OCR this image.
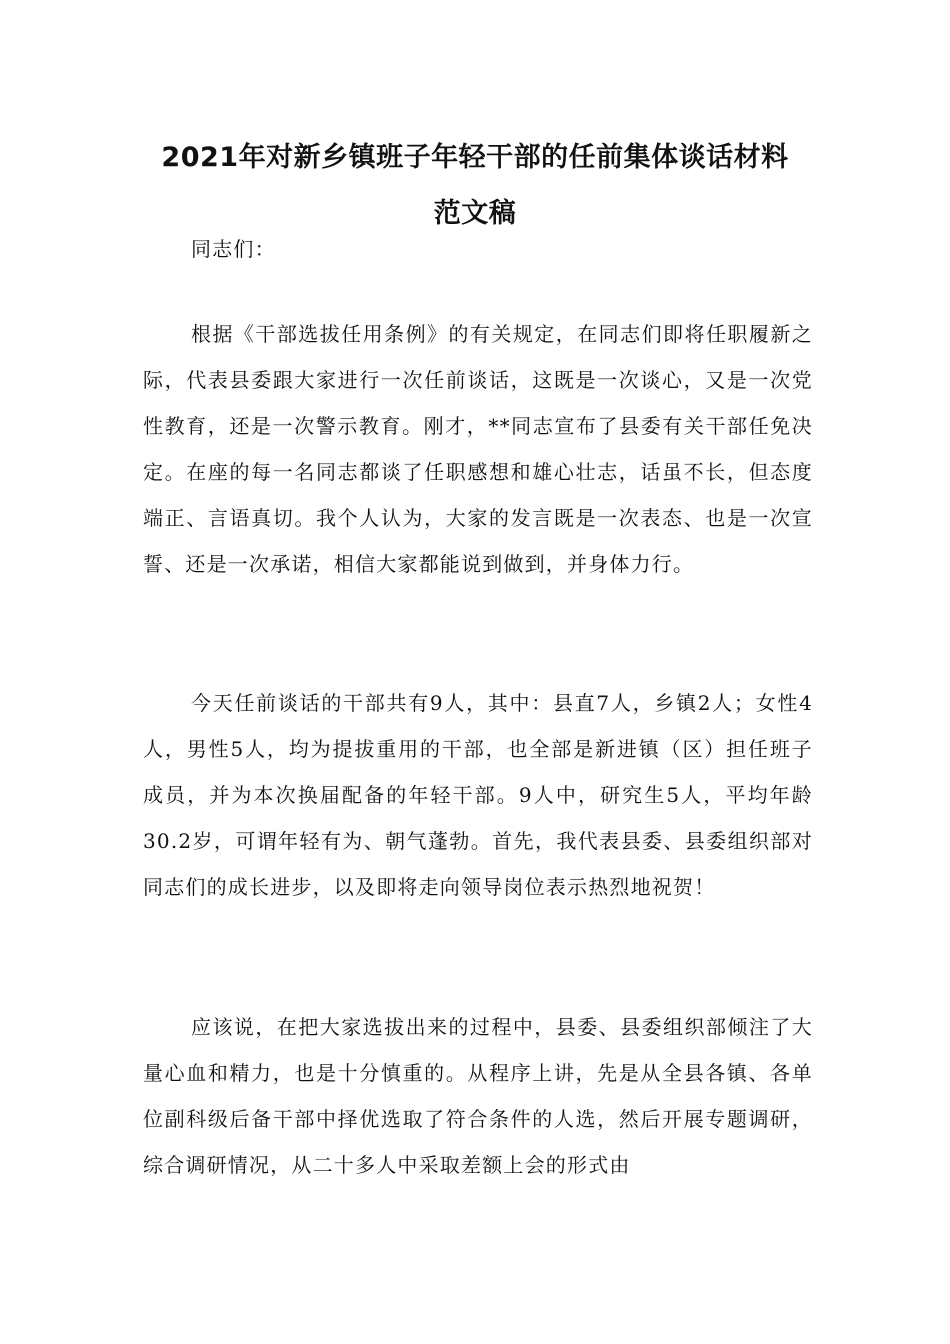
2021年对新乡镇班子年轻干部的任前集体谈话材料
范文稿
同志们：
根据《干部选拔任用条例》的有关规定，在同志们即将任职履新之际，代表县委跟大家进行一次任前谈话，这既是一次谈心，又是一次党性教育，还是一次警示教育。刚才，**同志宣布了县委有关干部任免决定。在座的每一名同志都谈了任职感想和雄心壮志，话虽不长，但态度端正、言语真切。我个人认为，大家的发言既是一次表态、也是一次宣誓、还是一次承诺，相信大家都能说到做到，并身体力行。
今天任前谈话的干部共有9人，其中：县直7人，乡镇2人；女性4人，男性5人，均为提拔重用的干部，也全部是新进镇（区）担任班子成员，并为本次换届配备的年轻干部。9人中，研究生5人，平均年龄30.2岁，可谓年轻有为、朝气蓬勃。首先，我代表县委、县委组织部对同志们的成长进步，以及即将走向领导岗位表示热烈地祝贺！
应该说，在把大家选拔出来的过程中，县委、县委组织部倾注了大量心血和精力，也是十分慎重的。从程序上讲，先是从全县各镇、各单位副科级后备干部中择优选取了符合条件的人选，然后开展专题调研，综合调研情况，从二十多人中采取差额上会的形式由
